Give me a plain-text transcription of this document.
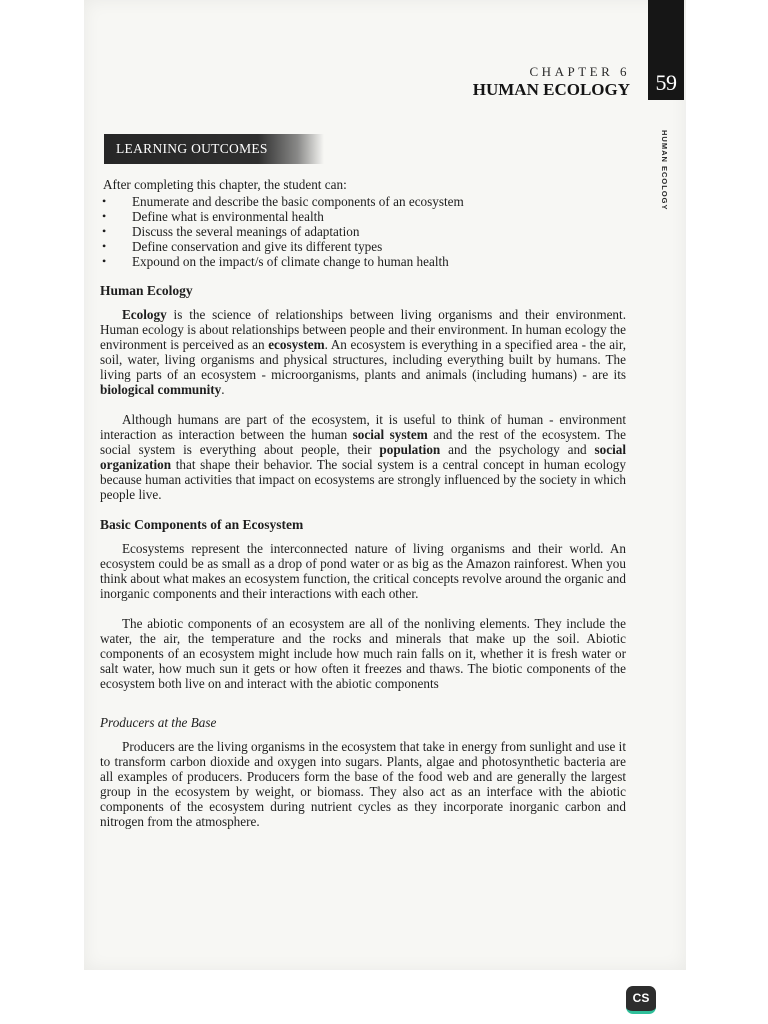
59
HUMAN ECOLOGY
CHAPTER 6
HUMAN ECOLOGY
LEARNING OUTCOMES
After completing this chapter, the student can:
• Enumerate and describe the basic components of an ecosystem
• Define what is environmental health
• Discuss the several meanings of adaptation
• Define conservation and give its different types
• Expound on the impact/s of climate change to human health
Human Ecology

Ecology is the science of relationships between living organisms and their environment. Human ecology is about relationships between people and their environment. In human ecology the environment is perceived as an ecosystem. An ecosystem is everything in a specified area - the air, soil, water, living organisms and physical structures, including everything built by humans. The living parts of an ecosystem - microorganisms, plants and animals (including humans) - are its biological community.

Although humans are part of the ecosystem, it is useful to think of human - environment interaction as interaction between the human social system and the rest of the ecosystem. The social system is everything about people, their population and the psychology and social organization that shape their behavior. The social system is a central concept in human ecology because human activities that impact on ecosystems are strongly influenced by the society in which people live.

Basic Components of an Ecosystem

Ecosystems represent the interconnected nature of living organisms and their world. An ecosystem could be as small as a drop of pond water or as big as the Amazon rainforest. When you think about what makes an ecosystem function, the critical concepts revolve around the organic and inorganic components and their interactions with each other.

The abiotic components of an ecosystem are all of the nonliving elements. They include the water, the air, the temperature and the rocks and minerals that make up the soil. Abiotic components of an ecosystem might include how much rain falls on it, whether it is fresh water or salt water, how much sun it gets or how often it freezes and thaws. The biotic components of the ecosystem both live on and interact with the abiotic components

Producers at the Base

Producers are the living organisms in the ecosystem that take in energy from sunlight and use it to transform carbon dioxide and oxygen into sugars. Plants, algae and photosynthetic bacteria are all examples of producers. Producers form the base of the food web and are generally the largest group in the ecosystem by weight, or biomass. They also act as an interface with the abiotic components of the ecosystem during nutrient cycles as they incorporate inorganic carbon and nitrogen from the atmosphere.

CS
